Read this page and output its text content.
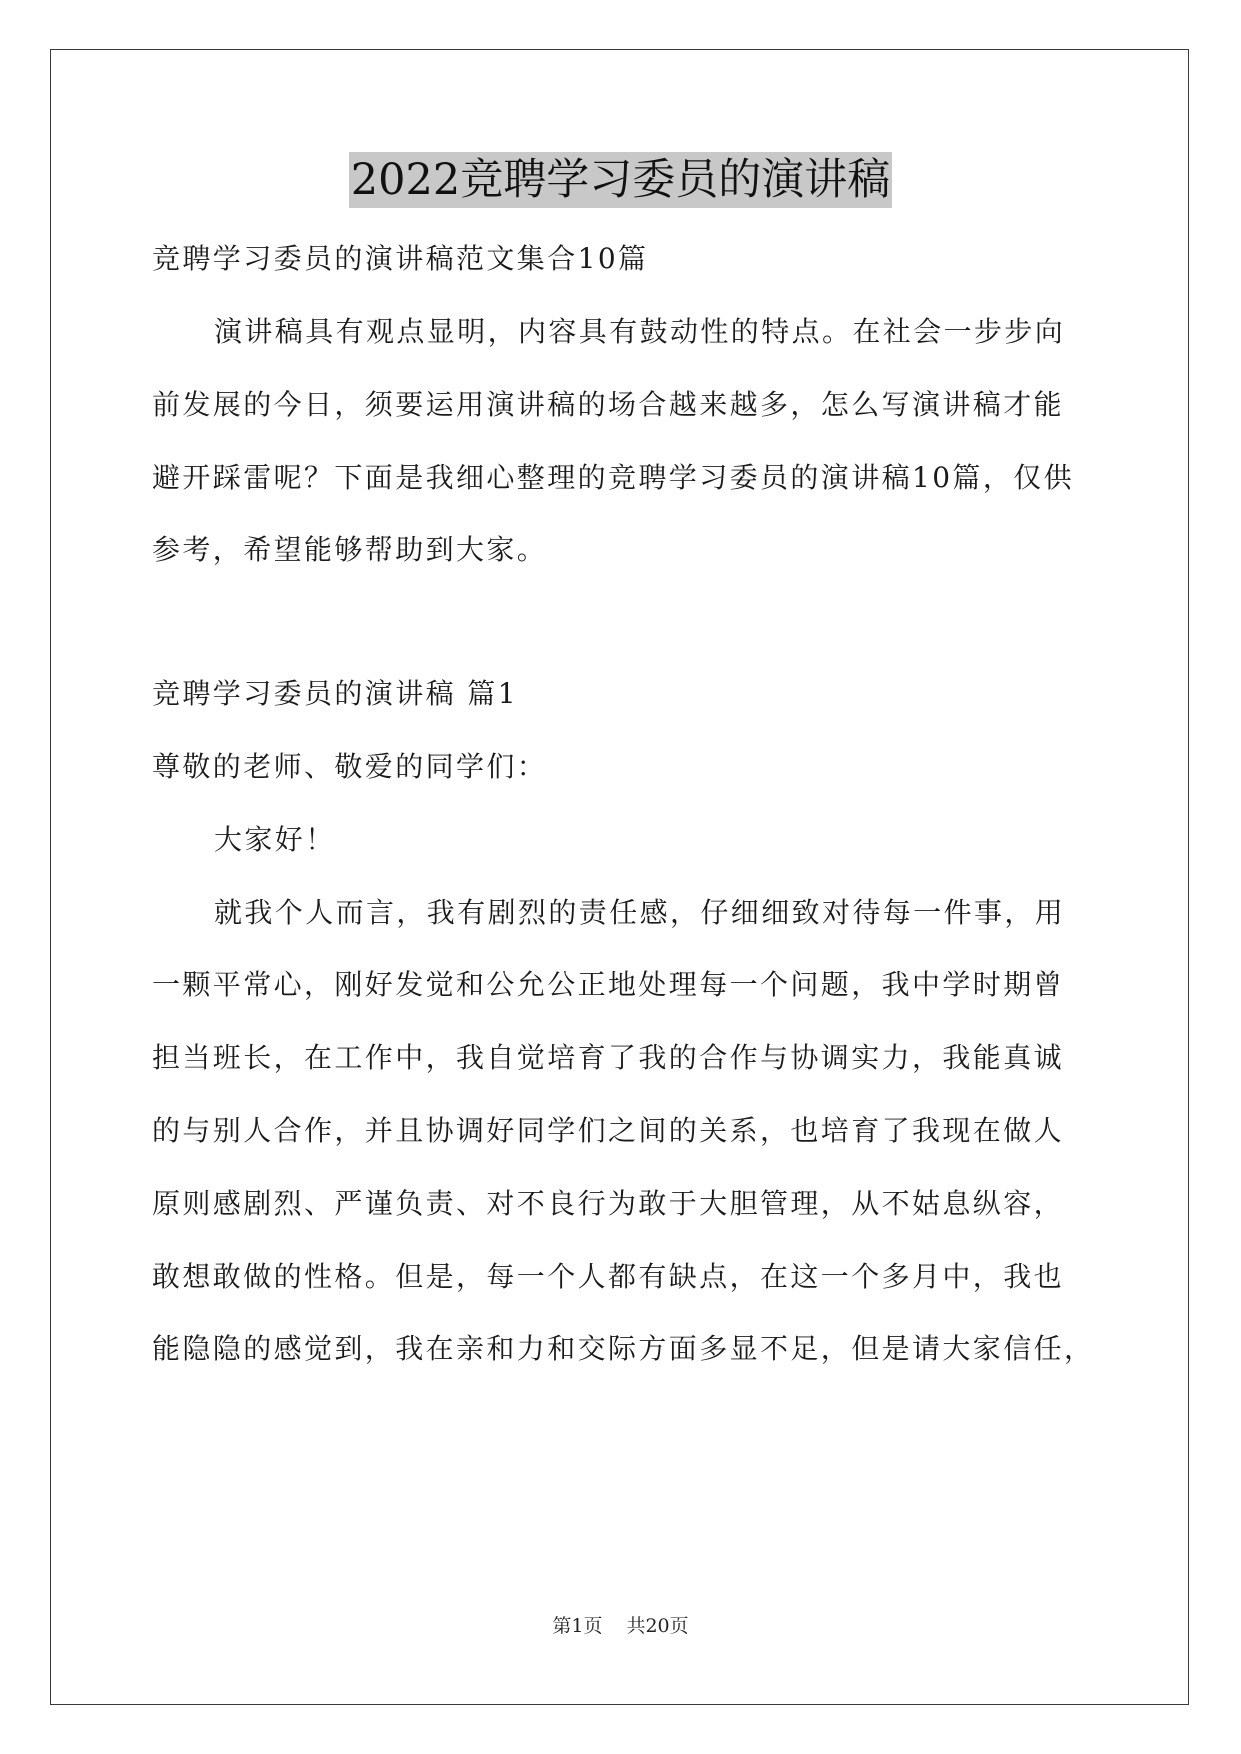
2022竞聘学习委员的演讲稿
竞聘学习委员的演讲稿范文集合10篇
演讲稿具有观点显明，内容具有鼓动性的特点。在社会一步步向
前发展的今日，须要运用演讲稿的场合越来越多，怎么写演讲稿才能
避开踩雷呢？下面是我细心整理的竞聘学习委员的演讲稿10篇，仅供
参考，希望能够帮助到大家。
竞聘学习委员的演讲稿 篇1
尊敬的老师、敬爱的同学们：
大家好！
就我个人而言，我有剧烈的责任感，仔细细致对待每一件事，用
一颗平常心，刚好发觉和公允公正地处理每一个问题，我中学时期曾
担当班长，在工作中，我自觉培育了我的合作与协调实力，我能真诚
的与别人合作，并且协调好同学们之间的关系，也培育了我现在做人
原则感剧烈、严谨负责、对不良行为敢于大胆管理，从不姑息纵容，
敢想敢做的性格。但是，每一个人都有缺点，在这一个多月中，我也
能隐隐的感觉到，我在亲和力和交际方面多显不足，但是请大家信任，
第1页 共20页
